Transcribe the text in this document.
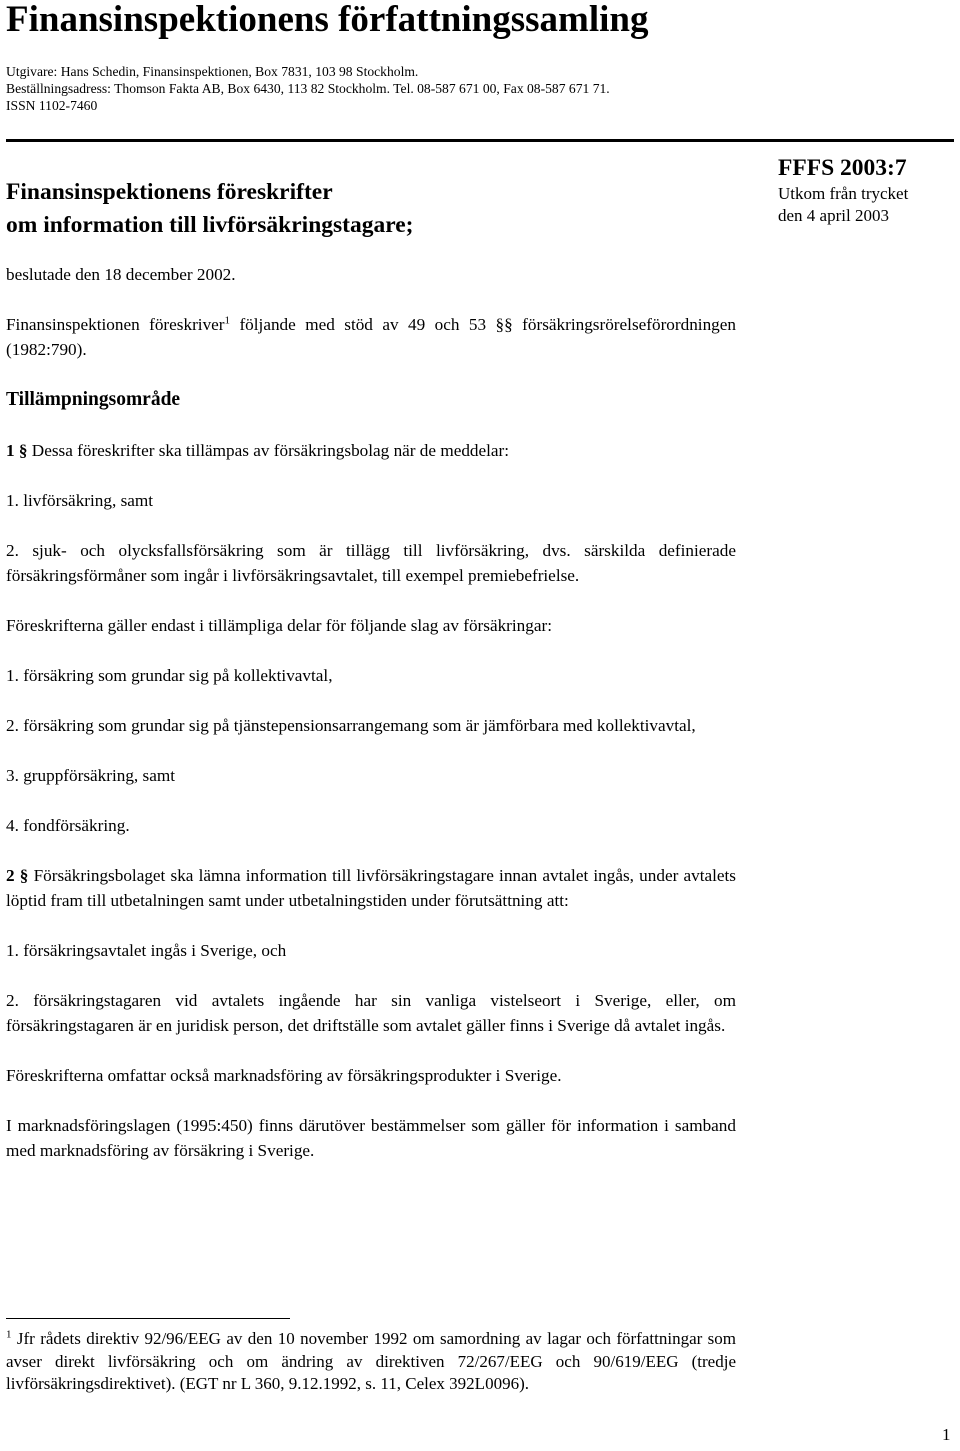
Finansinspektionens författningssamling
Utgivare: Hans Schedin, Finansinspektionen, Box 7831, 103 98 Stockholm.
Beställningsadress: Thomson Fakta AB, Box 6430, 113 82 Stockholm. Tel. 08-587 671 00, Fax 08-587 671 71.
ISSN 1102-7460
Finansinspektionens föreskrifter
om information till livförsäkringstagare;
FFFS 2003:7
Utkom från trycket
den 4 april 2003

beslutade den 18 december 2002.

Finansinspektionen föreskriver$^1$ följande med stöd av 49 och 53 §§ försäkringsrörelseförordningen (1982:790).

Tillämpningsområde

1 § Dessa föreskrifter ska tillämpas av försäkringsbolag när de meddelar:

1. livförsäkring, samt

2. sjuk- och olycksfallsförsäkring som är tillägg till livförsäkring, dvs. särskilda definierade försäkringsförmåner som ingår i livförsäkringsavtalet, till exempel premiebefrielse.

Föreskrifterna gäller endast i tillämpliga delar för följande slag av försäkringar:

1. försäkring som grundar sig på kollektivavtal,

2. försäkring som grundar sig på tjänstepensionsarrangemang som är jämförbara med kollektivavtal,

3. gruppförsäkring, samt

4. fondförsäkring.

2 § Försäkringsbolaget ska lämna information till livförsäkringstagare innan avtalet ingås, under avtalets löptid fram till utbetalningen samt under utbetalningstiden under förutsättning att:

1. försäkringsavtalet ingås i Sverige, och

2. försäkringstagaren vid avtalets ingående har sin vanliga vistelseort i Sverige, eller, om försäkringstagaren är en juridisk person, det driftställe som avtalet gäller finns i Sverige då avtalet ingås.

Föreskrifterna omfattar också marknadsföring av försäkringsprodukter i Sverige.

I marknadsföringslagen (1995:450) finns därutöver bestämmelser som gäller för information i samband med marknadsföring av försäkring i Sverige.

$^1$ Jfr rådets direktiv 92/96/EEG av den 10 november 1992 om samordning av lagar och författningar som avser direkt livförsäkring och om ändring av direktiven 72/267/EEG och 90/619/EEG (tredje livförsäkringsdirektivet). (EGT nr L 360, 9.12.1992, s. 11, Celex 392L0096).

1
